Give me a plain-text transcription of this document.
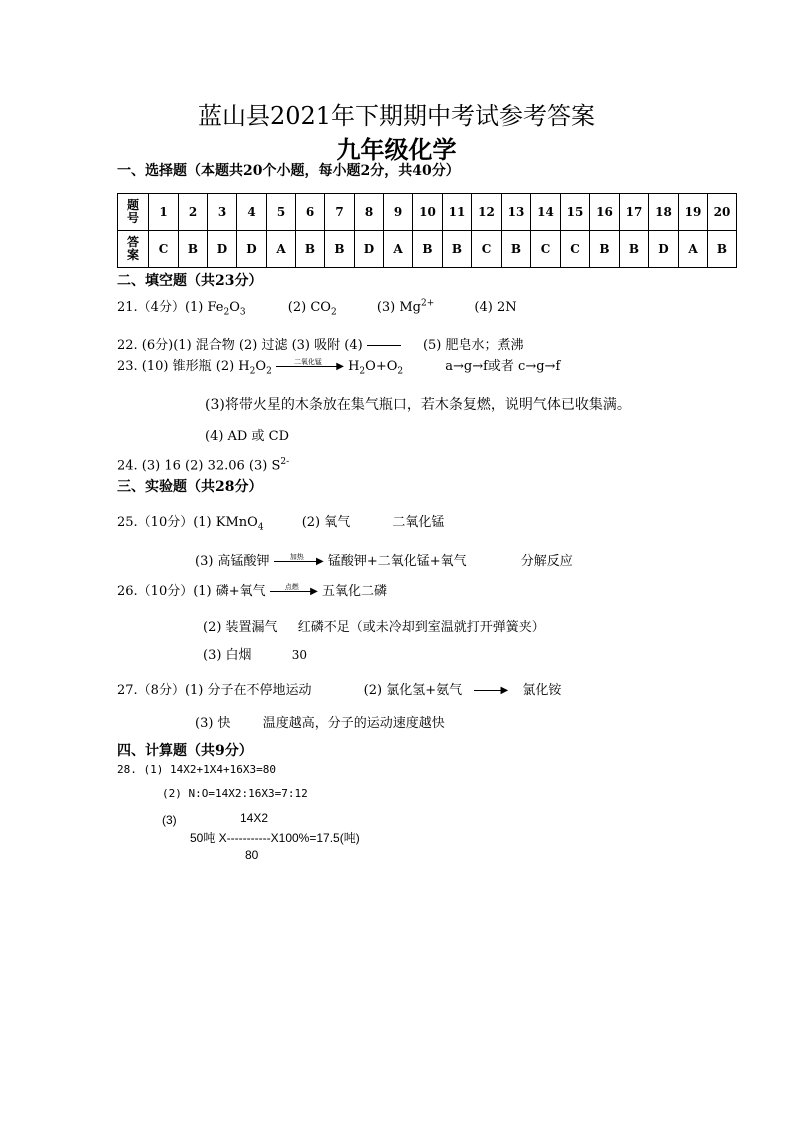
蓝山县2021年下期期中考试参考答案
九年级化学
一、选择题（本题共20个小题，每小题2分，共40分）
题
号	1	2	3	4	5	6	7	8	9	10	11	12	13	14	15	16	17	18	19	20

答
案	C	B	D	D	A	B	B	D	A	B	B	C	B	C	C	B	B	D	A	B
二、填空题（共23分）
21.（4分）(1) $Fe_2O_3$	(2) $CO_2$	(3) $Mg^{2+}$	(4) 2N
22. (6分)(1) 混合物 (2) 过滤 (3) 吸附 (4)	(5) 肥皂水；煮沸
23. (10) 锥形瓶 (2) $H_2O_2$
二氧化锰	▶ $H_2O+O_2$	a→g→f或者 c→g→f
(3)将带火星的木条放在集气瓶口，若木条复燃，说明气体已收集满。
(4) AD 或 CD
24. (3) 16 (2) 32.06 (3) $S^{2-}$
三、实验题（共28分）
25.（10分）(1) KMnO$_4$	(2) 氧气	二氧化锰
(3) 高锰酸钾	加热	▶ 锰酸钾+二氧化锰+氧气	分解反应
26.（10分）(1) 磷+氧气	点燃	▶ 五氧化二磷
(2) 装置漏气 红磷不足（或未冷却到室温就打开弹簧夹）
(3) 白烟	30
27.（8分）(1) 分子在不停地运动	(2) 氯化氢+氨气	▶ 氯化铵
(3) 快 温度越高，分子的运动速度越快
四、计算题（共9分）
28. (1) 14X2+1X4+16X3=80
(2) N:O=14X2:16X3=7:12
(3)	14X2
50吨 X-----------X100%=17.5(吨)
80
